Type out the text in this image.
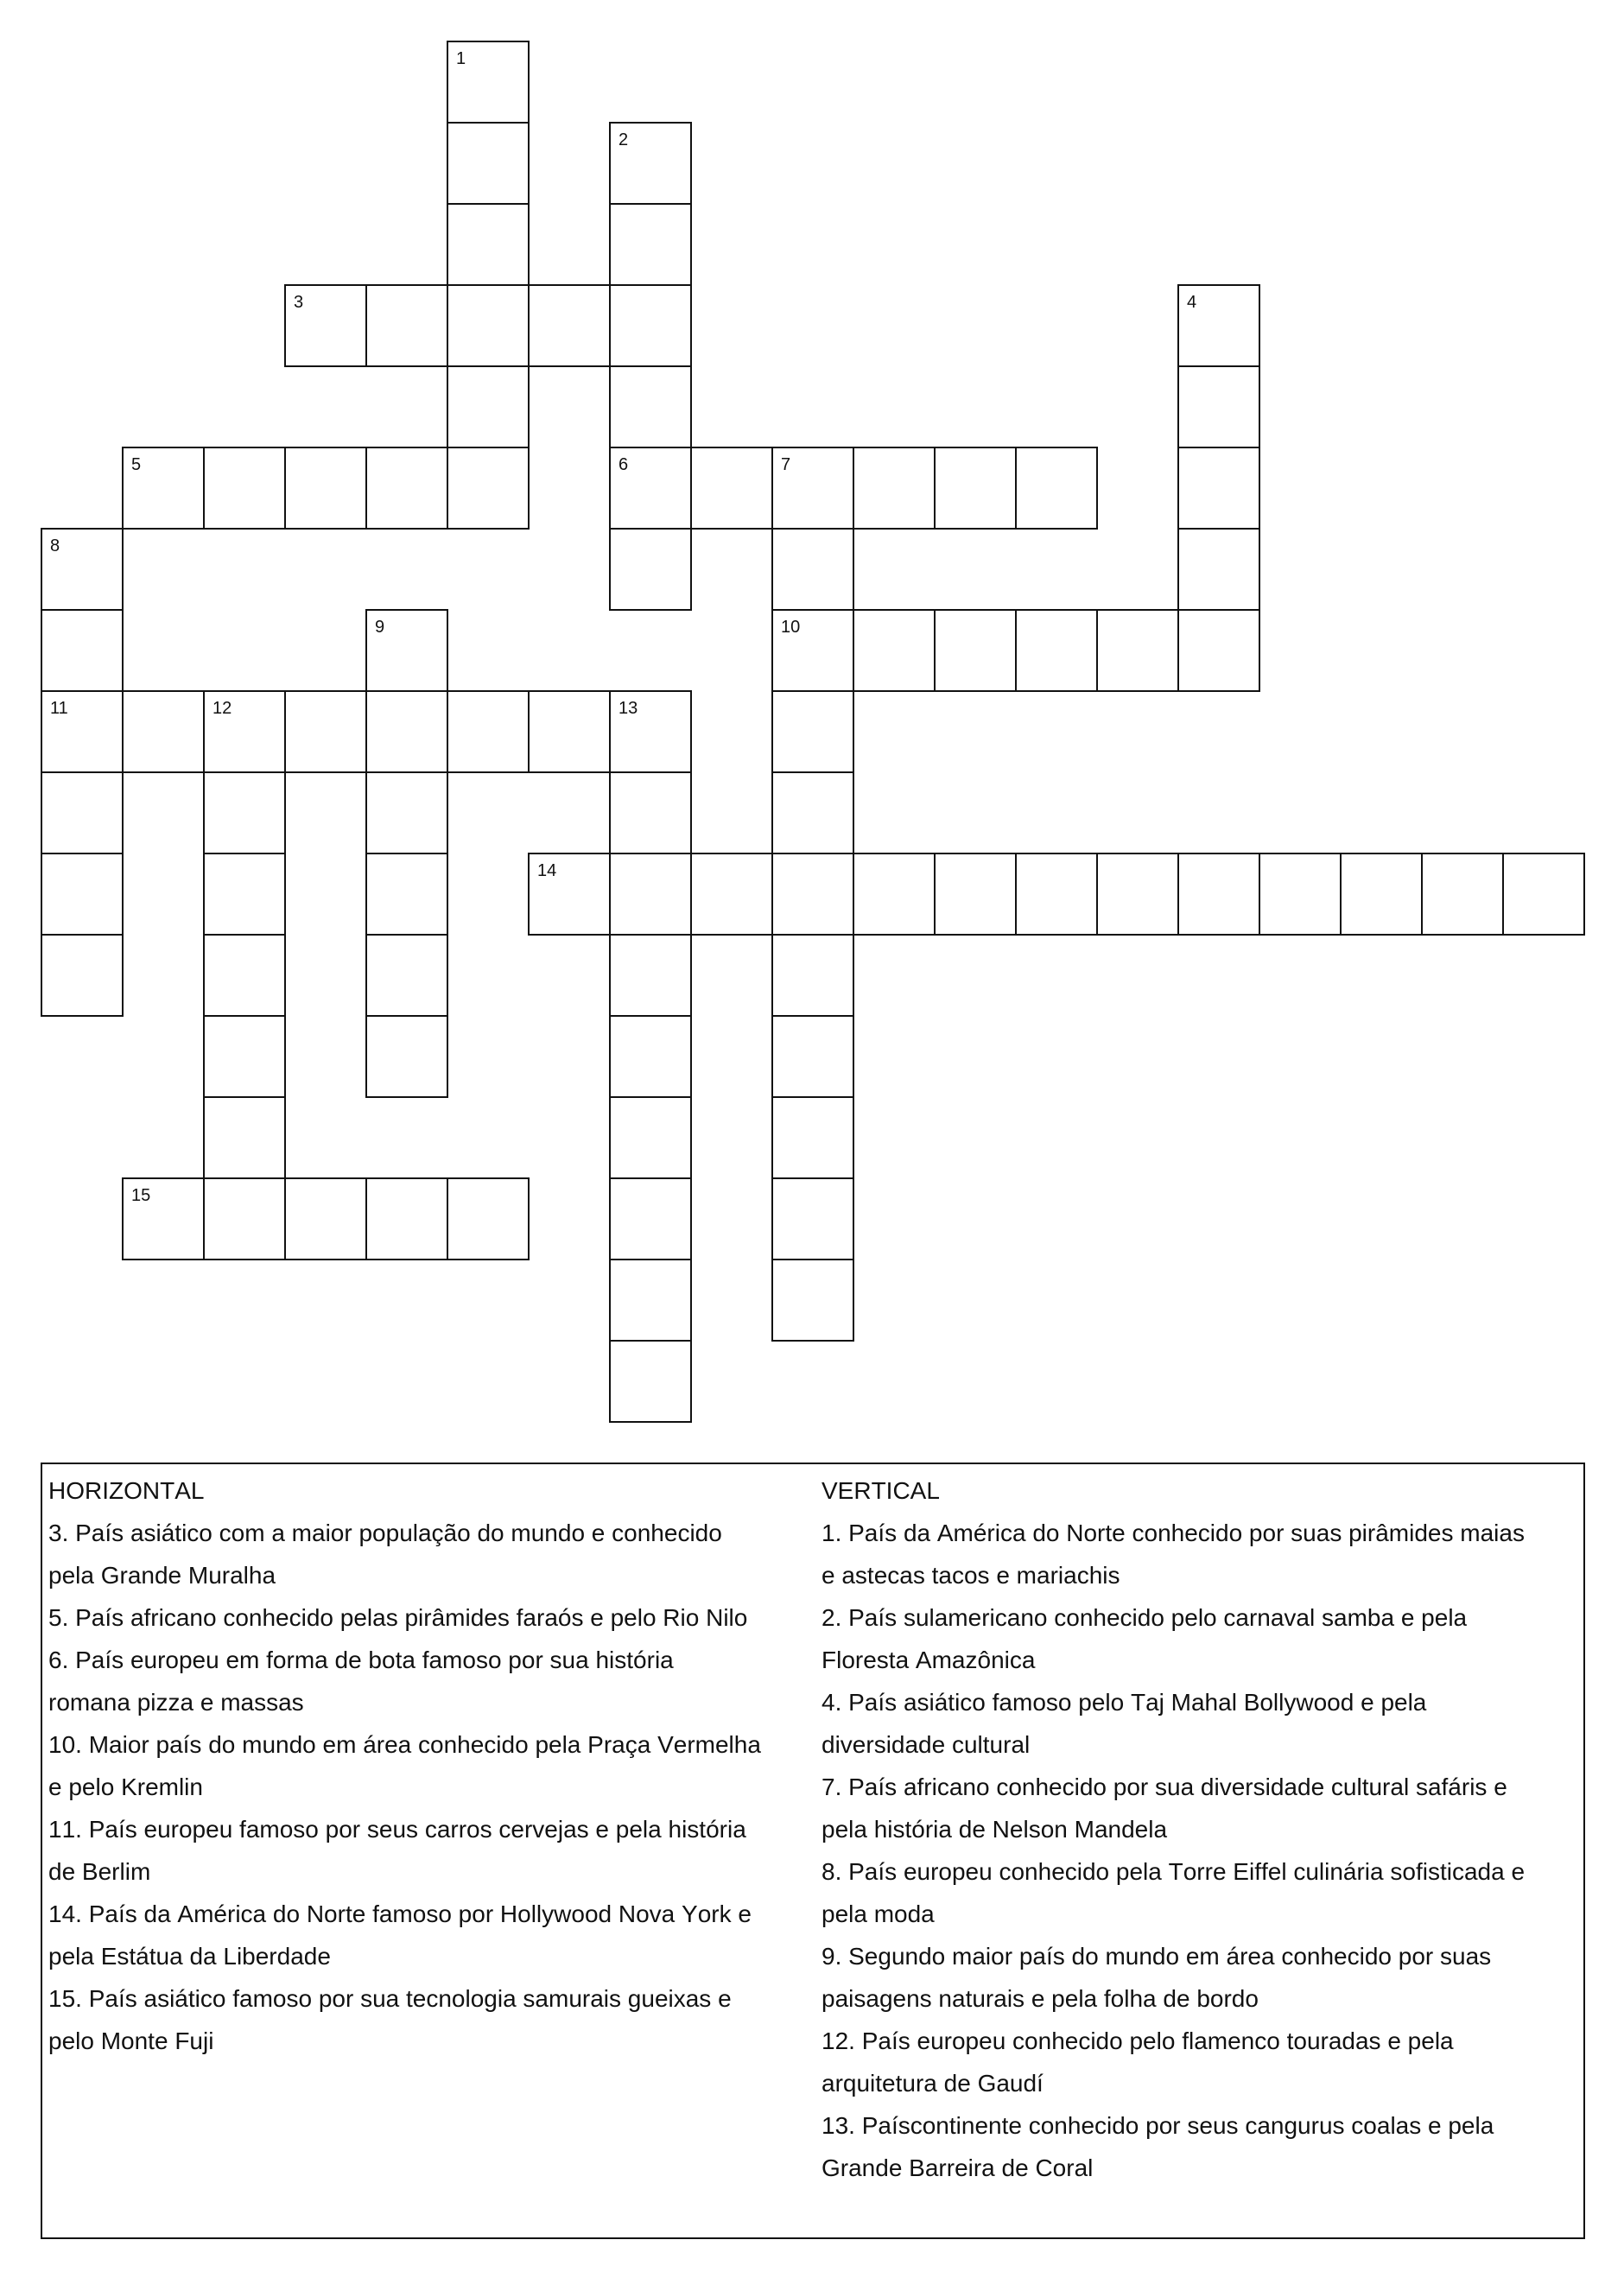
1
2
6
3	4
5	7
10
8
11
9
12	13
14
15
HORIZONTAL
3. País asiático com a maior população do mundo e conhecido pela Grande Muralha
5. País africano conhecido pelas pirâmides faraós e pelo Rio Nilo
6. País europeu em forma de bota famoso por sua história romana pizza e massas
10. Maior país do mundo em área conhecido pela Praça Vermelha e pelo Kremlin
11. País europeu famoso por seus carros cervejas e pela história de Berlim
14. País da América do Norte famoso por Hollywood Nova York e pela Estátua da Liberdade
15. País asiático famoso por sua tecnologia samurais gueixas e pelo Monte Fuji
VERTICAL
1. País da América do Norte conhecido por suas pirâmides maias e astecas tacos e mariachis
2. País sulamericano conhecido pelo carnaval samba e pela Floresta Amazônica
4. País asiático famoso pelo Taj Mahal Bollywood e pela diversidade cultural
7. País africano conhecido por sua diversidade cultural safáris e pela história de Nelson Mandela
8. País europeu conhecido pela Torre Eiffel culinária sofisticada e pela moda
9. Segundo maior país do mundo em área conhecido por suas paisagens naturais e pela folha de bordo
12. País europeu conhecido pelo flamenco touradas e pela arquitetura de Gaudí
13. Paíscontinente conhecido por seus cangurus coalas e pela Grande Barreira de Coral
